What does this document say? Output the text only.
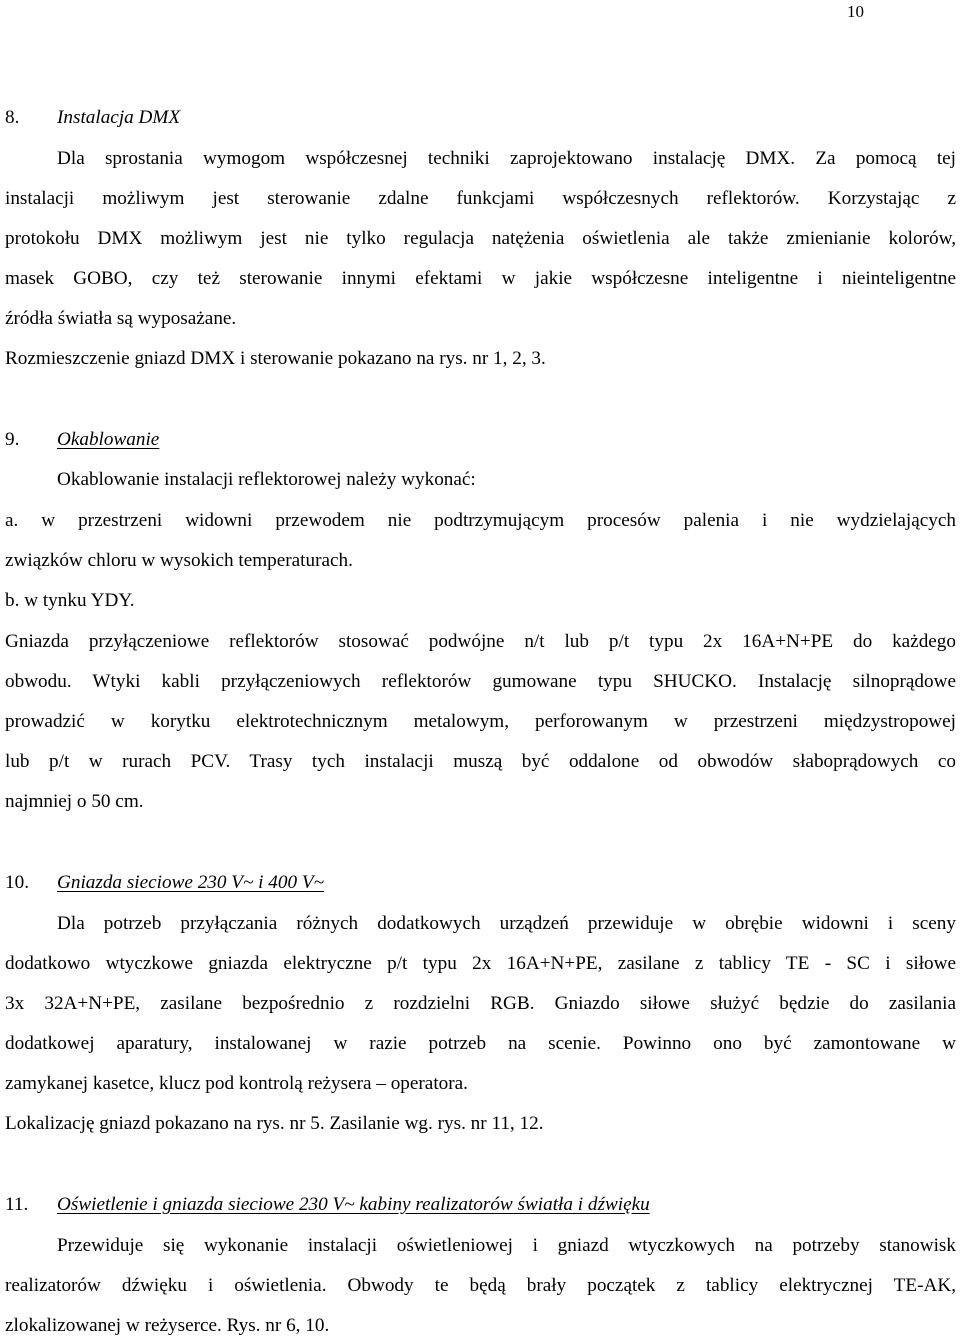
10
8. Instalacja DMX
Dla sprostania wymogom współczesnej techniki zaprojektowano instalację DMX. Za pomocą tej
instalacji możliwym jest sterowanie zdalne funkcjami współczesnych reflektorów. Korzystając z
protokołu DMX możliwym jest nie tylko regulacja natężenia oświetlenia ale także zmienianie kolorów,
masek GOBO, czy też sterowanie innymi efektami w jakie współczesne inteligentne i nieinteligentne
źródła światła są wyposażane.
Rozmieszczenie gniazd DMX i sterowanie pokazano na rys. nr 1, 2, 3.
9. Okablowanie
Okablowanie instalacji reflektorowej należy wykonać:
a. w przestrzeni widowni przewodem nie podtrzymującym procesów palenia i nie wydzielających
związków chloru w wysokich temperaturach.
b. w tynku YDY.
Gniazda przyłączeniowe reflektorów stosować podwójne n/t lub p/t typu 2x 16A+N+PE do każdego
obwodu. Wtyki kabli przyłączeniowych reflektorów gumowane typu SHUCKO. Instalację silnoprądowe
prowadzić w korytku elektrotechnicznym metalowym, perforowanym w przestrzeni międzystropowej
lub p/t w rurach PCV. Trasy tych instalacji muszą być oddalone od obwodów słaboprądowych co
najmniej o 50 cm.
10. Gniazda sieciowe 230 V~ i 400 V~
Dla potrzeb przyłączania różnych dodatkowych urządzeń przewiduje w obrębie widowni i sceny
dodatkowo wtyczkowe gniazda elektryczne p/t typu 2x 16A+N+PE, zasilane z tablicy TE - SC i siłowe
3x 32A+N+PE, zasilane bezpośrednio z rozdzielni RGB. Gniazdo siłowe służyć będzie do zasilania
dodatkowej aparatury, instalowanej w razie potrzeb na scenie. Powinno ono być zamontowane w
zamykanej kasetce, klucz pod kontrolą reżysera – operatora.
Lokalizację gniazd pokazano na rys. nr 5. Zasilanie wg. rys. nr 11, 12.
11. Oświetlenie i gniazda sieciowe 230 V~ kabiny realizatorów światła i dźwięku
Przewiduje się wykonanie instalacji oświetleniowej i gniazd wtyczkowych na potrzeby stanowisk
realizatorów dźwięku i oświetlenia. Obwody te będą brały początek z tablicy elektrycznej TE-AK,
zlokalizowanej w reżyserce. Rys. nr 6, 10.
